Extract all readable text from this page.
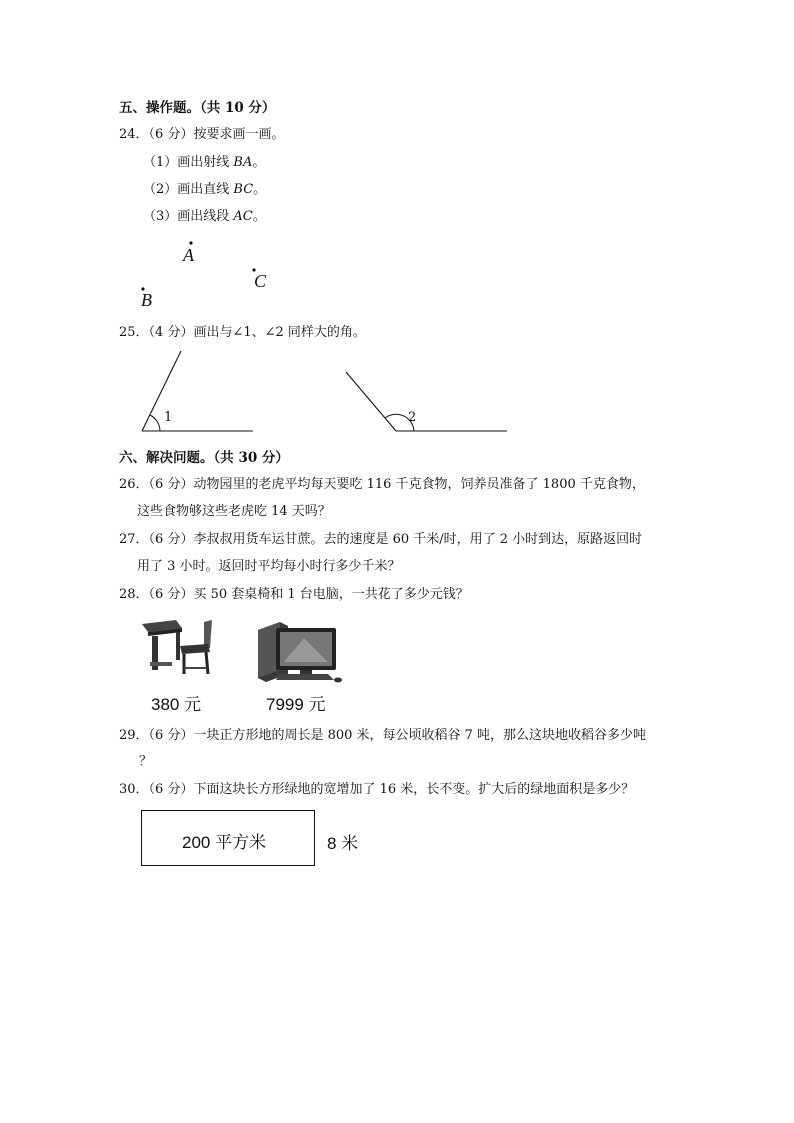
五、操作题。（共 10 分）
24．（6 分）按要求画一画。
（1）画出射线 BA。
（2）画出直线 BC。
（3）画出线段 AC。
A
C
B
25．（4 分）画出与∠1、∠2 同样大的角。
1	2
六、解决问题。（共 30 分）
26．（6 分）动物园里的老虎平均每天要吃 116 千克食物，饲养员准备了 1800 千克食物，
这些食物够这些老虎吃 14 天吗？
27．（6 分）李叔叔用货车运甘蔗。去的速度是 60 千米/时，用了 2 小时到达，原路返回时
用了 3 小时。返回时平均每小时行多少千米？
28．（6 分）买 50 套桌椅和 1 台电脑，一共花了多少元钱？
380 元	7999 元
29．（6 分）一块正方形地的周长是 800 米，每公顷收稻谷 7 吨，那么这块地收稻谷多少吨
？
30．（6 分）下面这块长方形绿地的宽增加了 16 米，长不变。扩大后的绿地面积是多少？
200 平方米	8 米
